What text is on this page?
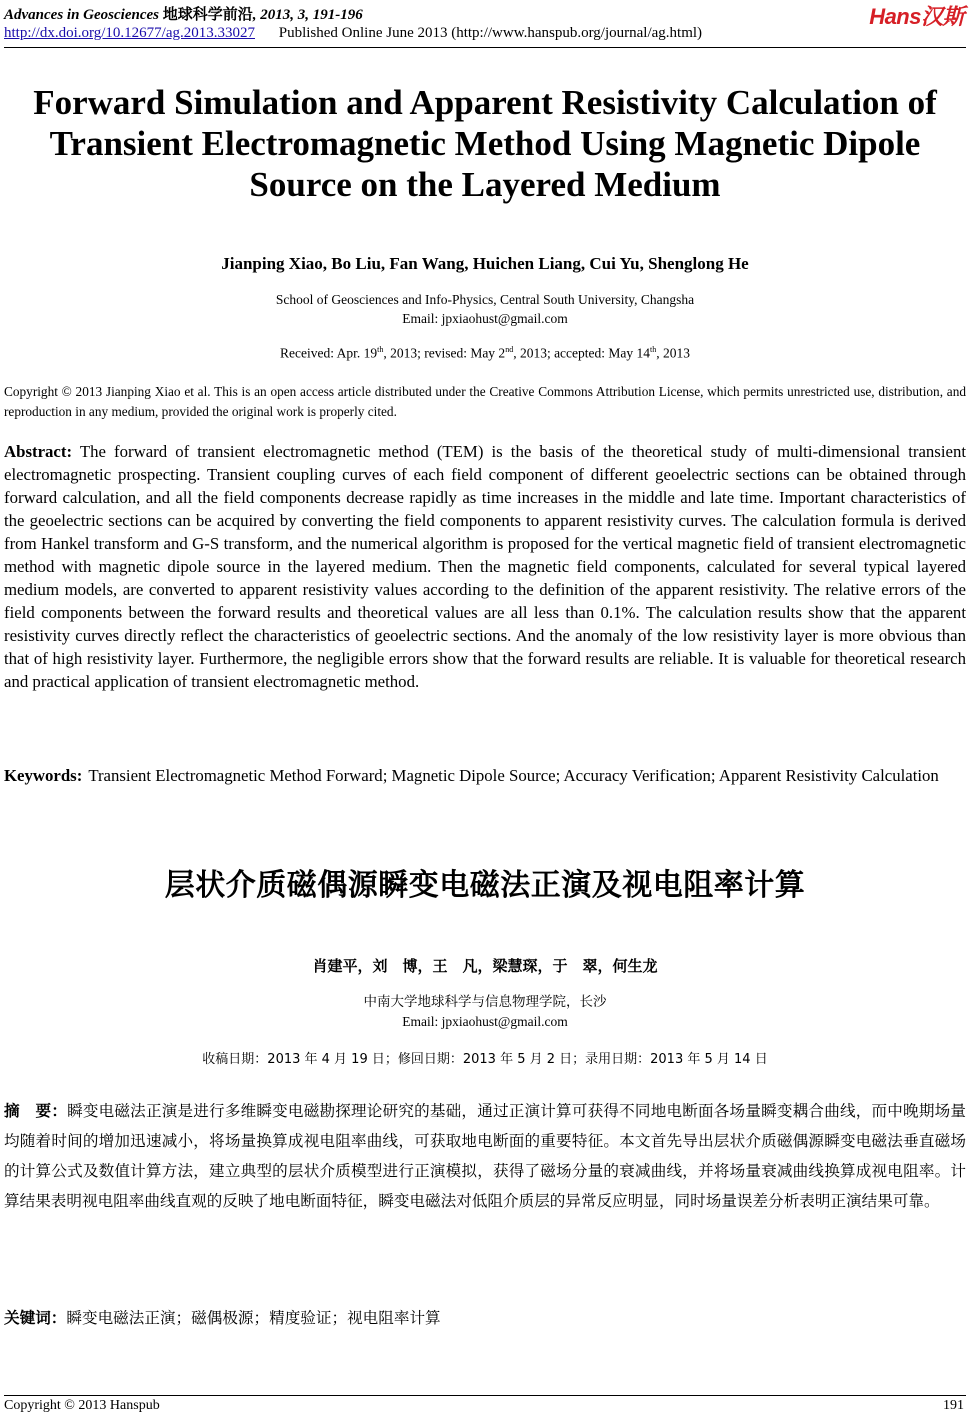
Advances in Geosciences 地球科学前沿, 2013, 3, 191-196
http://dx.doi.org/10.12677/ag.2013.33027 Published Online June 2013 (http://www.hanspub.org/journal/ag.html)
Hans汉斯
Forward Simulation and Apparent Resistivity Calculation of Transient Electromagnetic Method Using Magnetic Dipole Source on the Layered Medium
Jianping Xiao, Bo Liu, Fan Wang, Huichen Liang, Cui Yu, Shenglong He
School of Geosciences and Info-Physics, Central South University, Changsha
Email: jpxiaohust@gmail.com
Received: Apr. 19th, 2013; revised: May 2nd, 2013; accepted: May 14th, 2013
Copyright © 2013 Jianping Xiao et al. This is an open access article distributed under the Creative Commons Attribution License, which permits unrestricted use, distribution, and reproduction in any medium, provided the original work is properly cited.
Abstract: The forward of transient electromagnetic method (TEM) is the basis of the theoretical study of multi-dimensional transient electromagnetic prospecting. Transient coupling curves of each field component of different geoelectric sections can be obtained through forward calculation, and all the field components decrease rapidly as time increases in the middle and late time. Important characteristics of the geoelectric sections can be acquired by converting the field components to apparent resistivity curves. The calculation formula is derived from Hankel transform and G-S transform, and the numerical algorithm is proposed for the vertical magnetic field of transient electromagnetic method with magnetic dipole source in the layered medium. Then the magnetic field components, calculated for several typical layered medium models, are converted to apparent resistivity values according to the definition of the apparent resistivity. The relative errors of the field components between the forward results and theoretical values are all less than 0.1%. The calculation results show that the apparent resistivity curves directly reflect the characteristics of geoelectric sections. And the anomaly of the low resistivity layer is more obvious than that of high resistivity layer. Furthermore, the negligible errors show that the forward results are reliable. It is valuable for theoretical research and practical application of transient electromagnetic method.
Keywords: Transient Electromagnetic Method Forward; Magnetic Dipole Source; Accuracy Verification; Apparent Resistivity Calculation
层状介质磁偶源瞬变电磁法正演及视电阻率计算
肖建平，刘　博，王　凡，梁慧琛，于　翠，何生龙
中南大学地球科学与信息物理学院，长沙
Email: jpxiaohust@gmail.com
收稿日期：2013 年 4 月 19 日；修回日期：2013 年 5 月 2 日；录用日期：2013 年 5 月 14 日
摘　要：瞬变电磁法正演是进行多维瞬变电磁勘探理论研究的基础，通过正演计算可获得不同地电断面各场量瞬变耦合曲线，而中晚期场量均随着时间的增加迅速减小，将场量换算成视电阻率曲线，可获取地电断面的重要特征。本文首先导出层状介质磁偶源瞬变电磁法垂直磁场的计算公式及数值计算方法，建立典型的层状介质模型进行正演模拟，获得了磁场分量的衰减曲线，并将场量衰减曲线换算成视电阻率。计算结果表明视电阻率曲线直观的反映了地电断面特征，瞬变电磁法对低阻介质层的异常反应明显，同时场量误差分析表明正演结果可靠。
关键词：瞬变电磁法正演；磁偶极源；精度验证；视电阻率计算
Copyright © 2013 Hanspub	191
